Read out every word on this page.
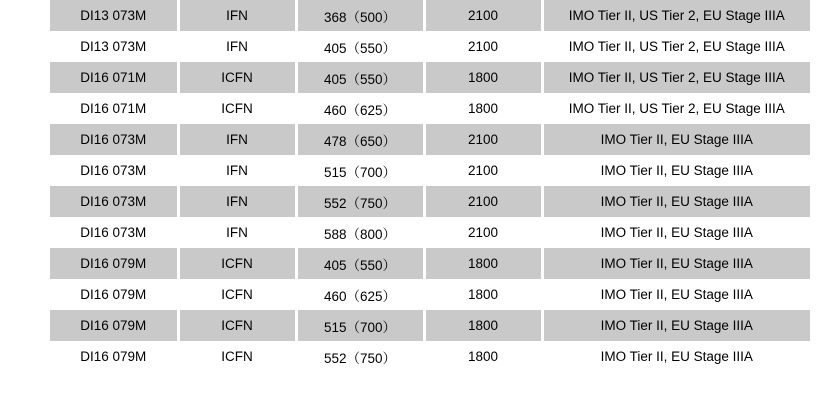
DI13 073M	IFN	368（500）	2100	IMO Tier II, US Tier 2, EU Stage IIIA
DI13 073M	IFN	405（550）	2100	IMO Tier II, US Tier 2, EU Stage IIIA
DI16 071M	ICFN	405（550）	1800	IMO Tier II, US Tier 2, EU Stage IIIA
DI16 071M	ICFN	460（625）	1800	IMO Tier II, US Tier 2, EU Stage IIIA
DI16 073M	IFN	478（650）	2100	IMO Tier II, EU Stage IIIA
DI16 073M	IFN	515（700）	2100	IMO Tier II, EU Stage IIIA
DI16 073M	IFN	552（750）	2100	IMO Tier II, EU Stage IIIA
DI16 073M	IFN	588（800）	2100	IMO Tier II, EU Stage IIIA
DI16 079M	ICFN	405（550）	1800	IMO Tier II, EU Stage IIIA
DI16 079M	ICFN	460（625）	1800	IMO Tier II, EU Stage IIIA
DI16 079M	ICFN	515（700）	1800	IMO Tier II, EU Stage IIIA
DI16 079M	ICFN	552（750）	1800	IMO Tier II, EU Stage IIIA
